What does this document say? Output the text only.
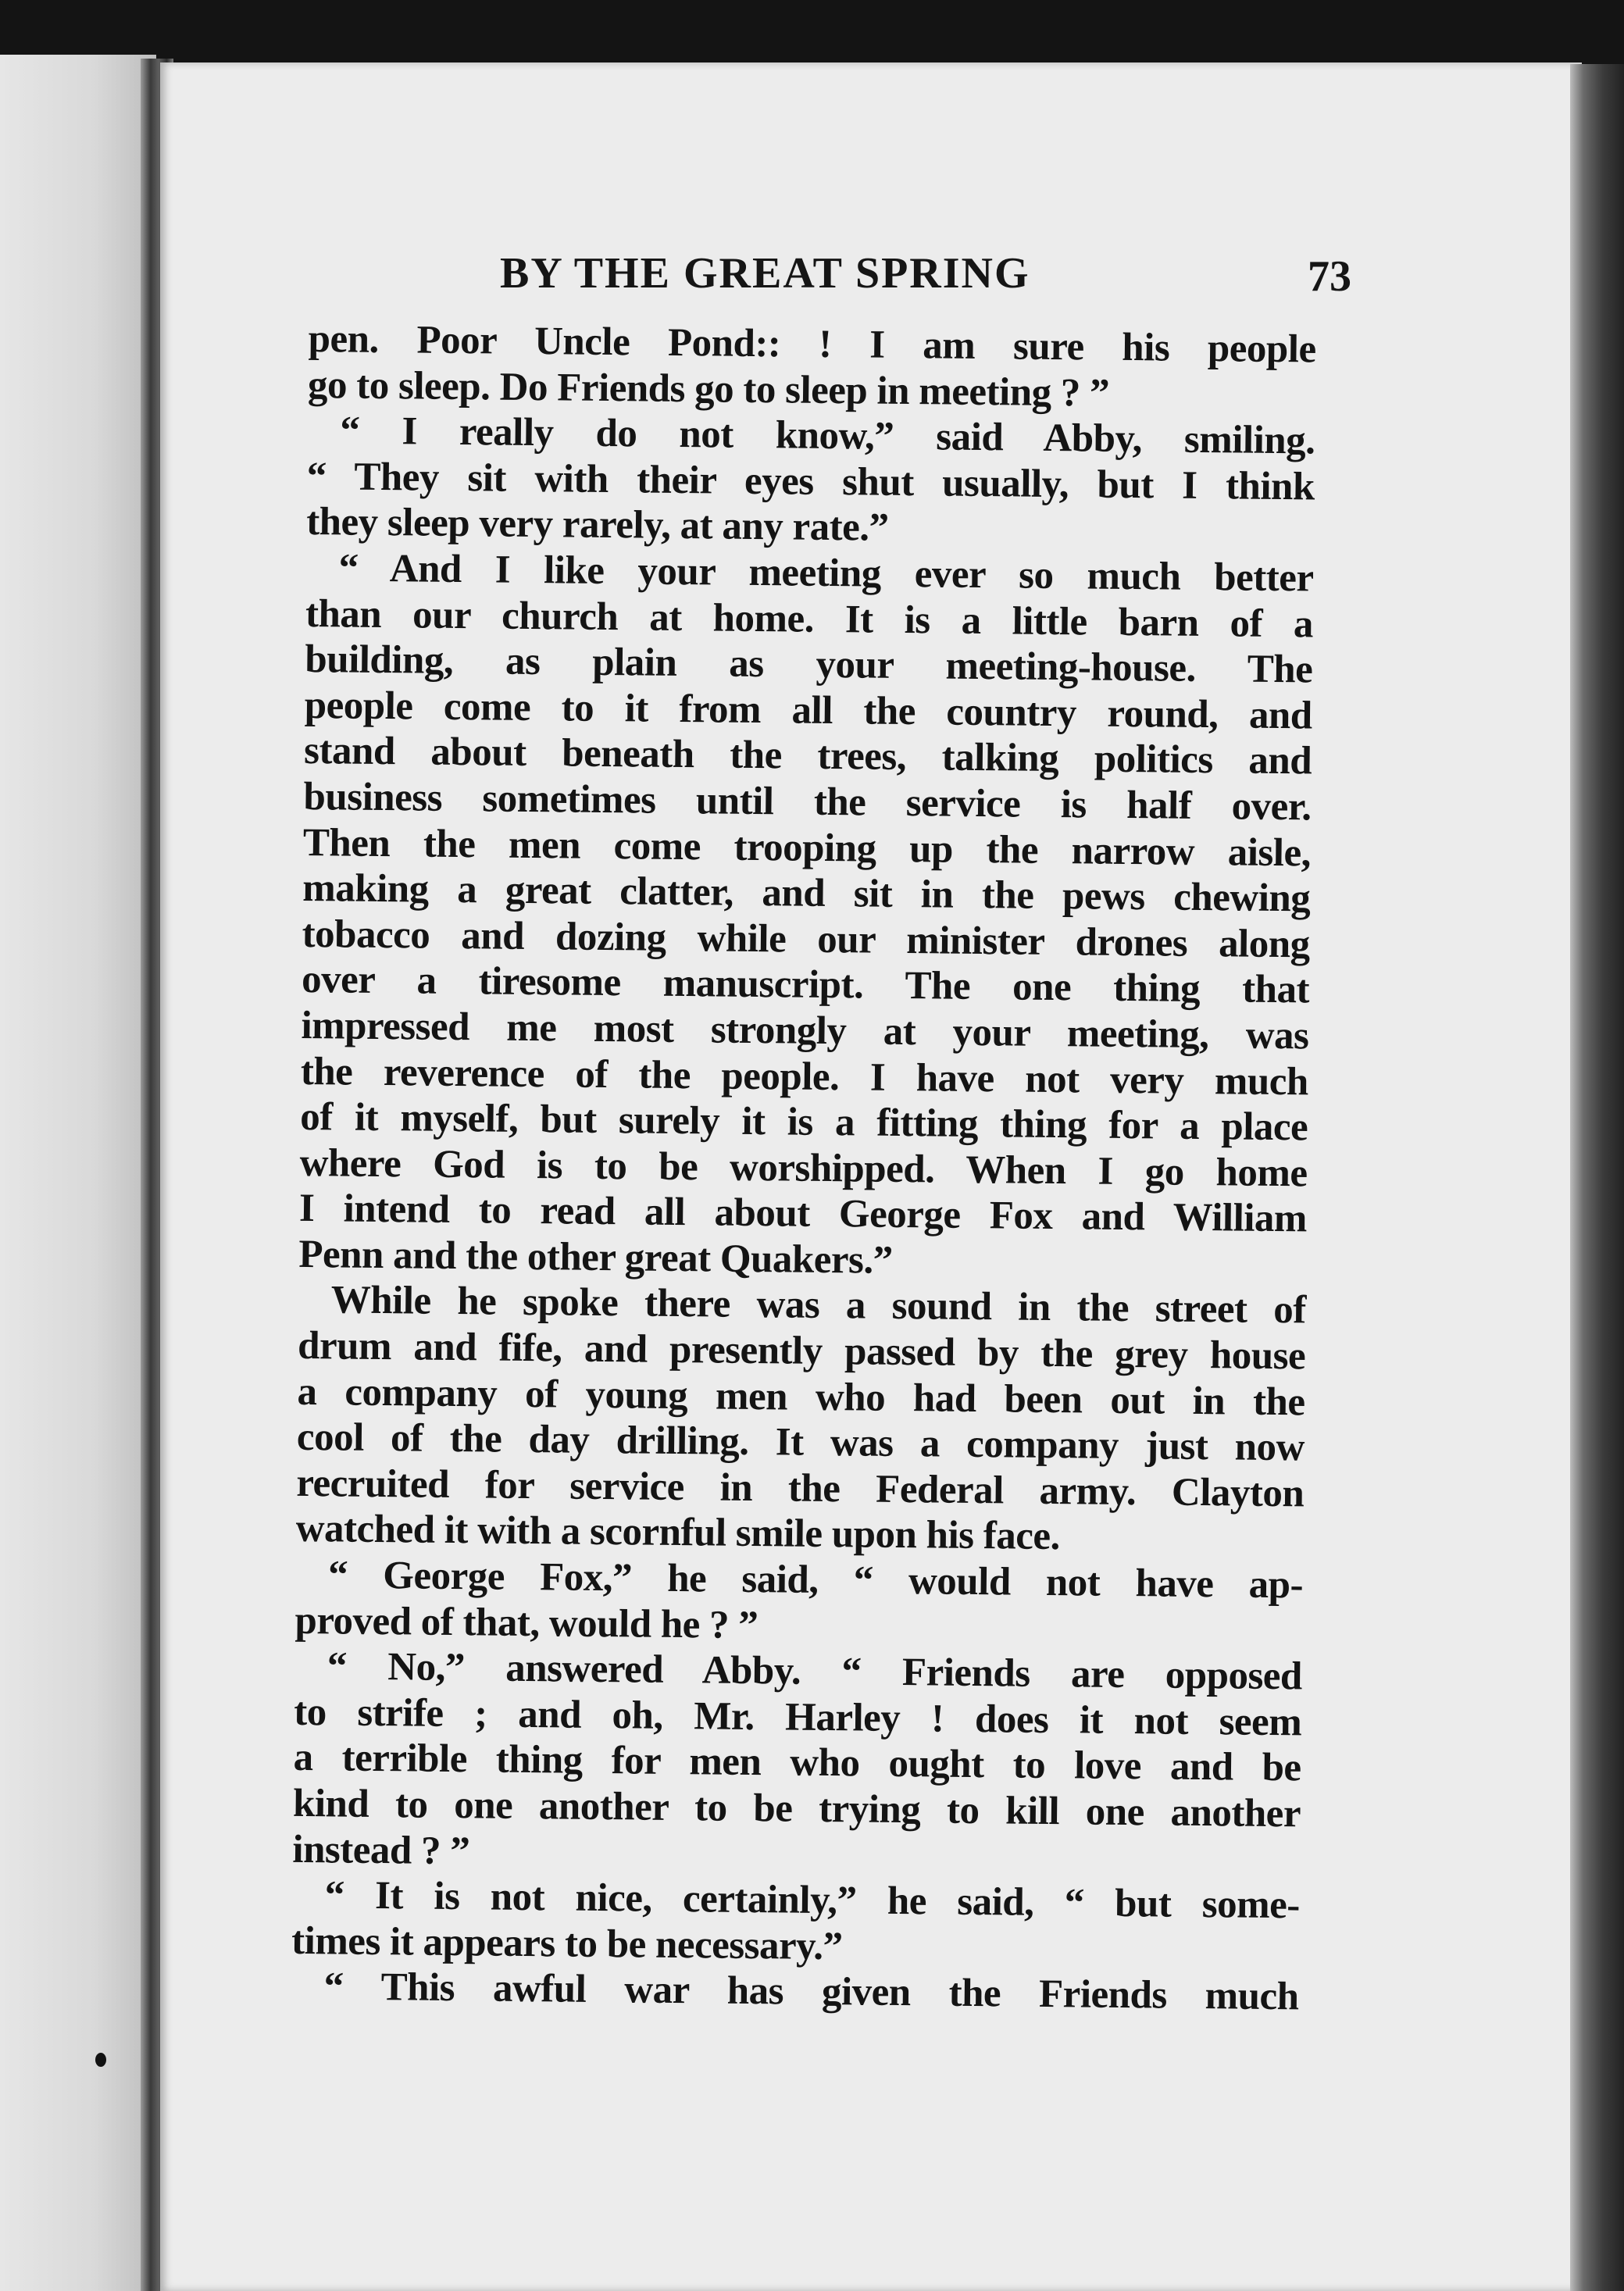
BY THE GREAT SPRING	73
pen. Poor Uncle Pond:: ! I am sure his people
go to sleep. Do Friends go to sleep in meeting ? ”
“ I really do not know,” said Abby, smiling.
“ They sit with their eyes shut usually, but I think
they sleep very rarely, at any rate.”
“ And I like your meeting ever so much better
than our church at home. It is a little barn of a
building, as plain as your meeting-house. The
people come to it from all the country round, and
stand about beneath the trees, talking politics and
business sometimes until the service is half over.
Then the men come trooping up the narrow aisle,
making a great clatter, and sit in the pews chewing
tobacco and dozing while our minister drones along
over a tiresome manuscript. The one thing that
impressed me most strongly at your meeting, was
the reverence of the people. I have not very much
of it myself, but surely it is a fitting thing for a place
where God is to be worshipped. When I go home
I intend to read all about George Fox and William
Penn and the other great Quakers.”
While he spoke there was a sound in the street of
drum and fife, and presently passed by the grey house
a company of young men who had been out in the
cool of the day drilling. It was a company just now
recruited for service in the Federal army. Clayton
watched it with a scornful smile upon his face.
“ George Fox,” he said, “ would not have ap-
proved of that, would he ? ”
“ No,” answered Abby. “ Friends are opposed
to strife ; and oh, Mr. Harley ! does it not seem
a terrible thing for men who ought to love and be
kind to one another to be trying to kill one another
instead ? ”
“ It is not nice, certainly,” he said, “ but some-
times it appears to be necessary.”
“ This awful war has given the Friends much
